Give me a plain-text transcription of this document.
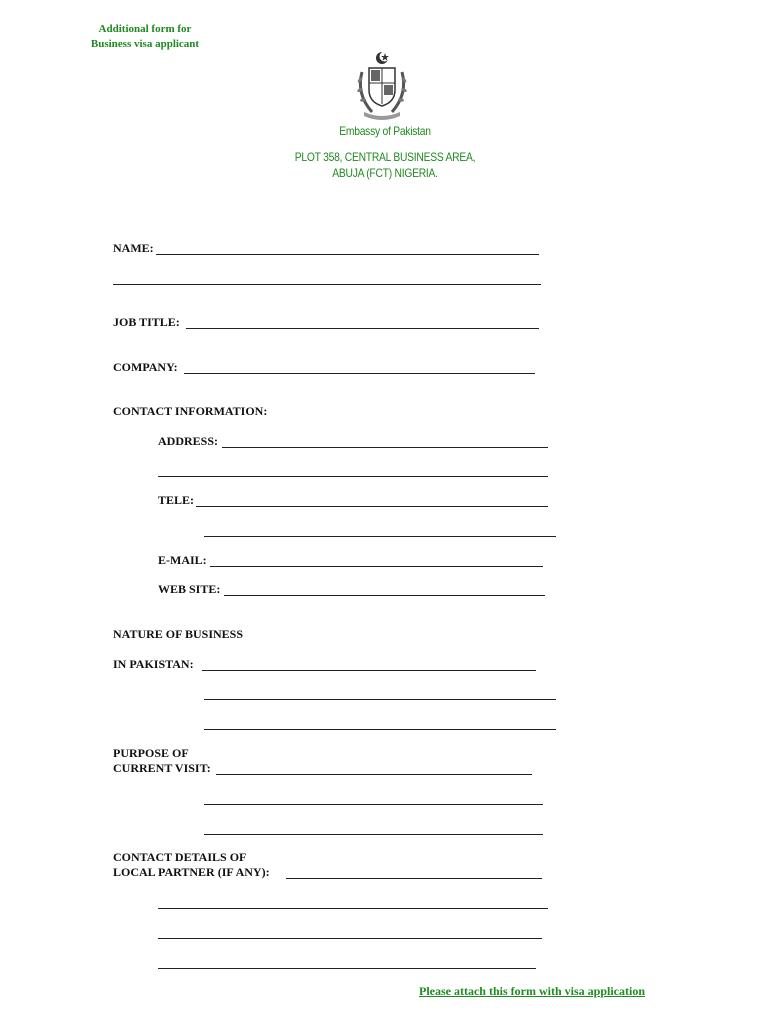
Additional form for
Business visa applicant
Embassy of Pakistan
PLOT 358, CENTRAL BUSINESS AREA,
ABUJA (FCT) NIGERIA.
NAME:
JOB TITLE:
COMPANY:
CONTACT INFORMATION:
ADDRESS:
TELE:
E-MAIL:
WEB SITE:
NATURE OF BUSINESS
IN PAKISTAN:
PURPOSE OF
CURRENT VISIT:
CONTACT DETAILS OF
LOCAL PARTNER (IF ANY):
Please attach this form with visa application
